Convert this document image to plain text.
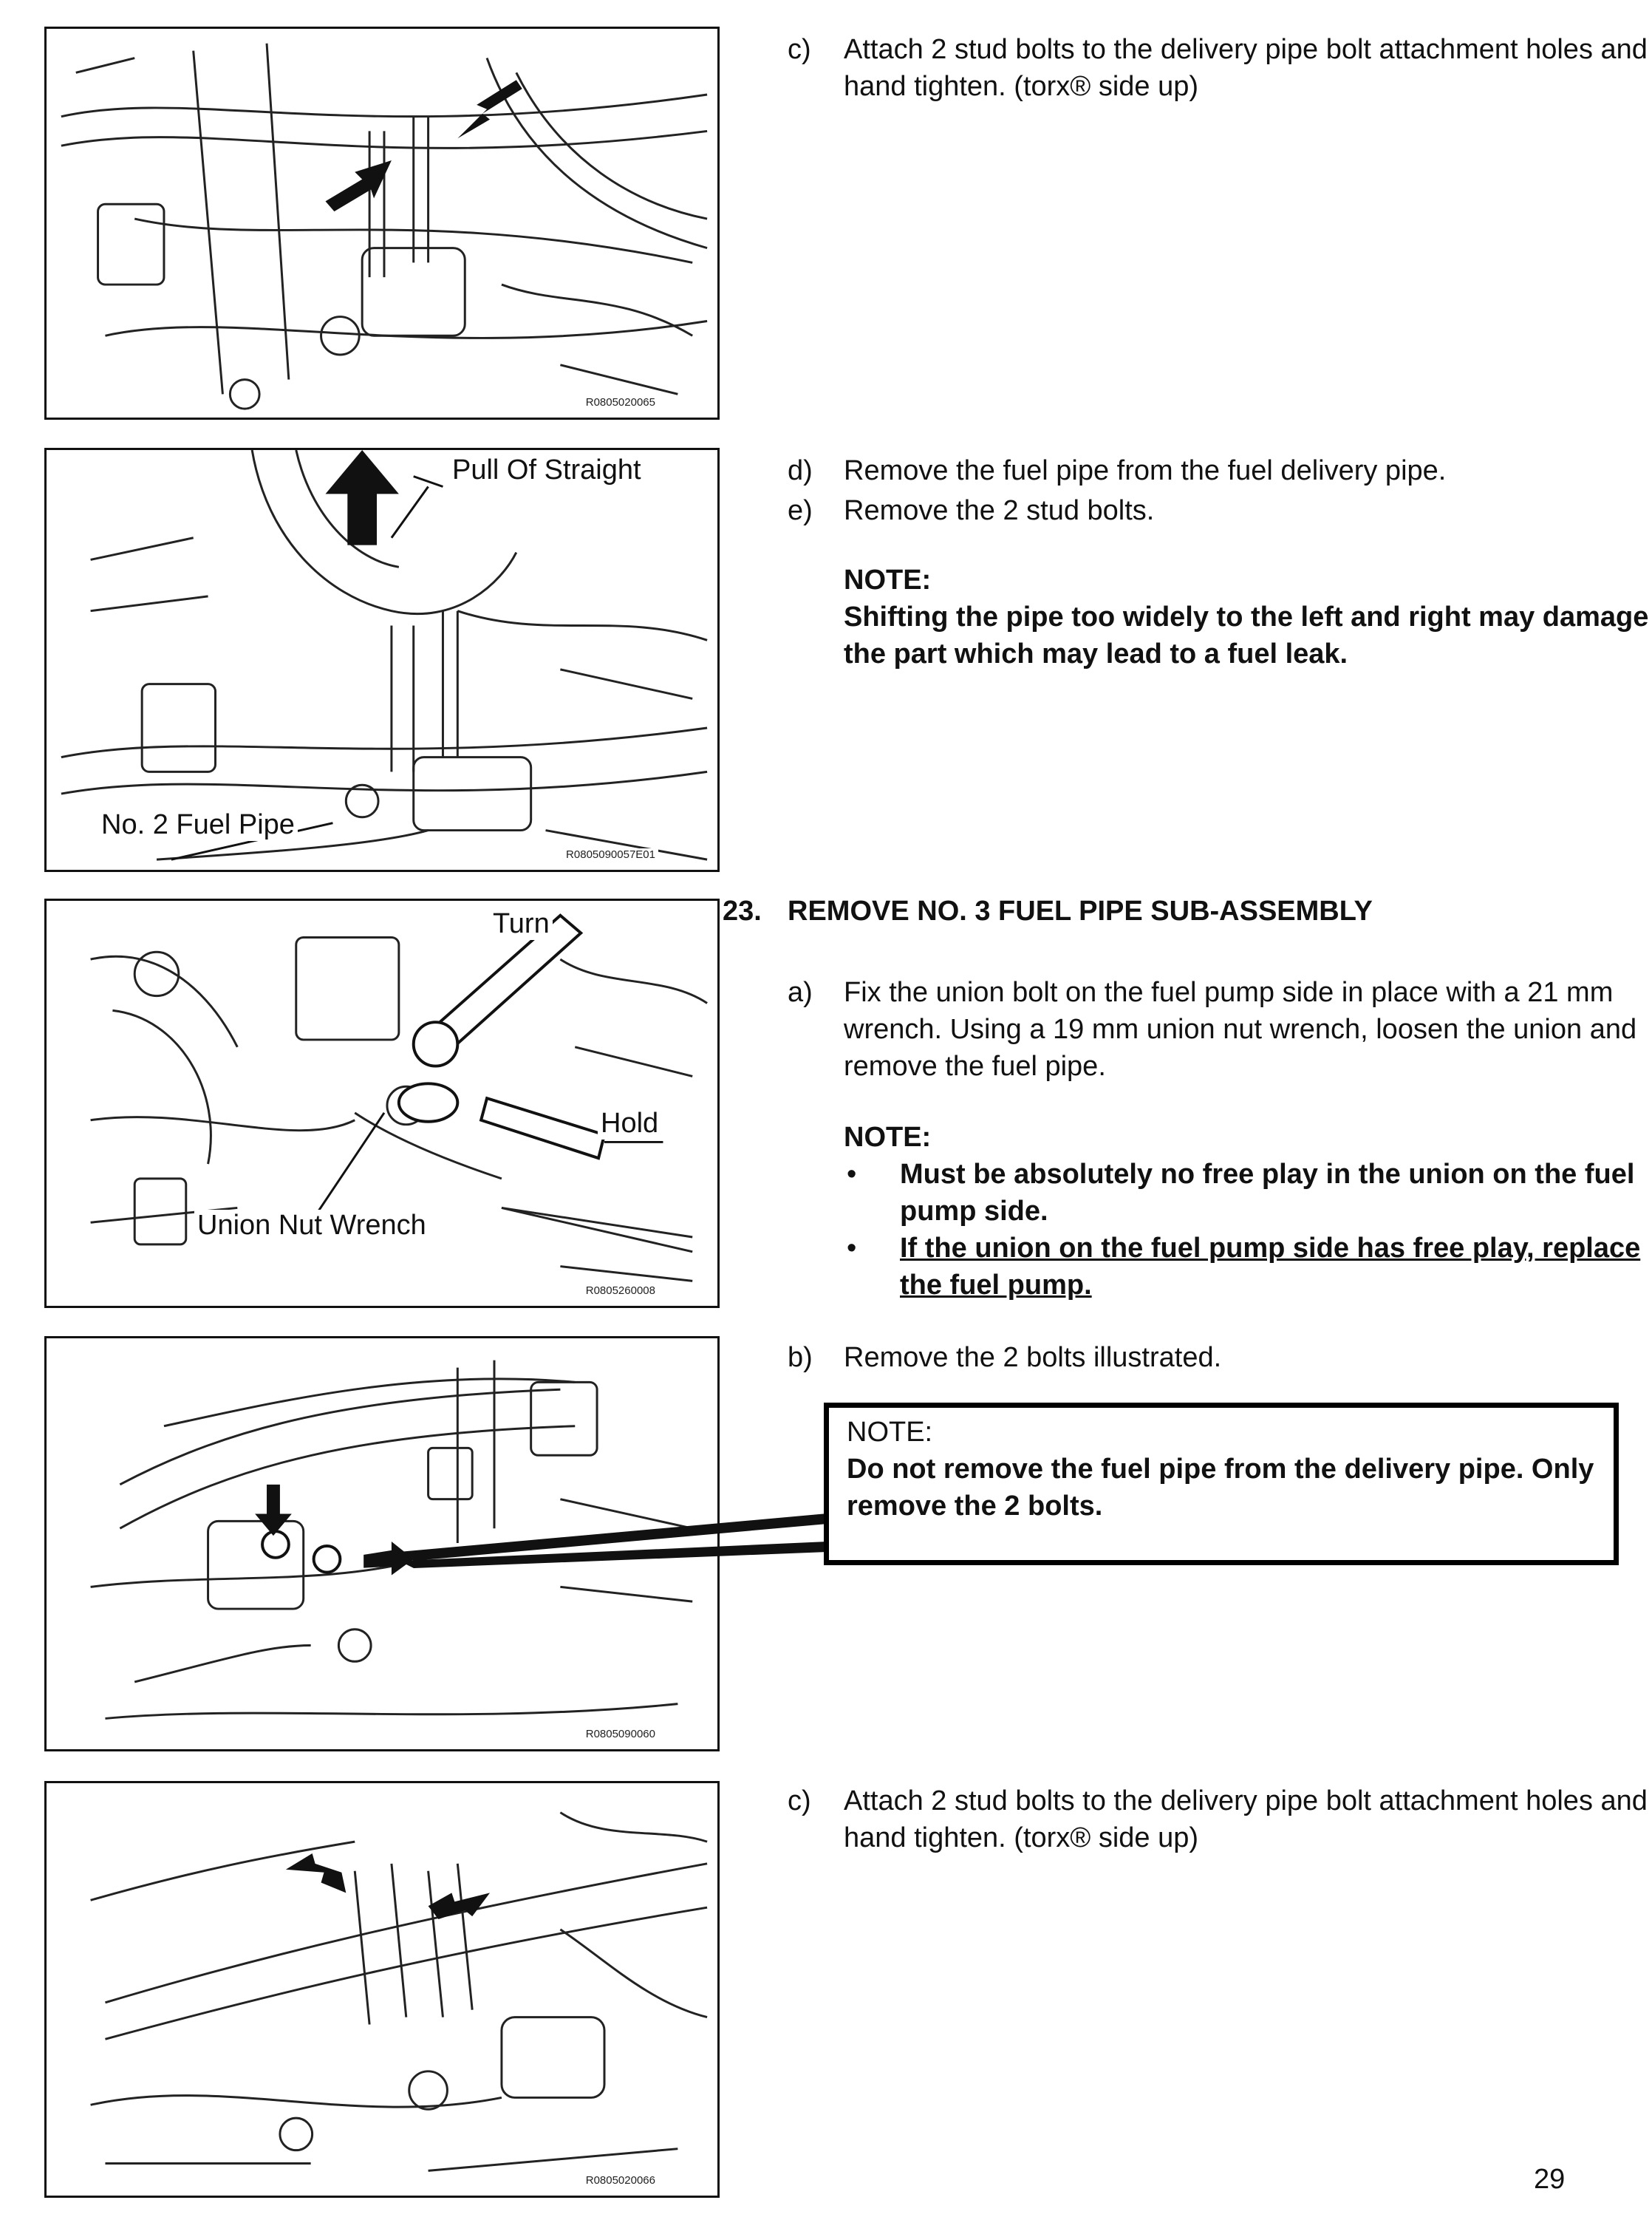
R0805020065
Pull Of Straight
No. 2 Fuel Pipe
R0805090057E01
Turn
Hold
Union Nut Wrench
R0805260008
R0805090060
R0805020066
c) Attach 2 stud bolts to the delivery pipe bolt attachment holes and hand tighten. (torx® side up)
d) Remove the fuel pipe from the fuel delivery pipe.
e) Remove the 2 stud bolts.
NOTE:
Shifting the pipe too widely to the left and right may damage the part which may lead to a fuel leak.
23. REMOVE NO. 3 FUEL PIPE SUB-ASSEMBLY
a) Fix the union bolt on the fuel pump side in place with a 21 mm wrench. Using a 19 mm union nut wrench, loosen the union and remove the fuel pipe.
NOTE:
• Must be absolutely no free play in the union on the fuel pump side.
• If the union on the fuel pump side has free play, replace the fuel pump.
b) Remove the 2 bolts illustrated.
NOTE:
Do not remove the fuel pipe from the delivery pipe. Only remove the 2 bolts.
c) Attach 2 stud bolts to the delivery pipe bolt attachment holes and hand tighten. (torx® side up)
29
